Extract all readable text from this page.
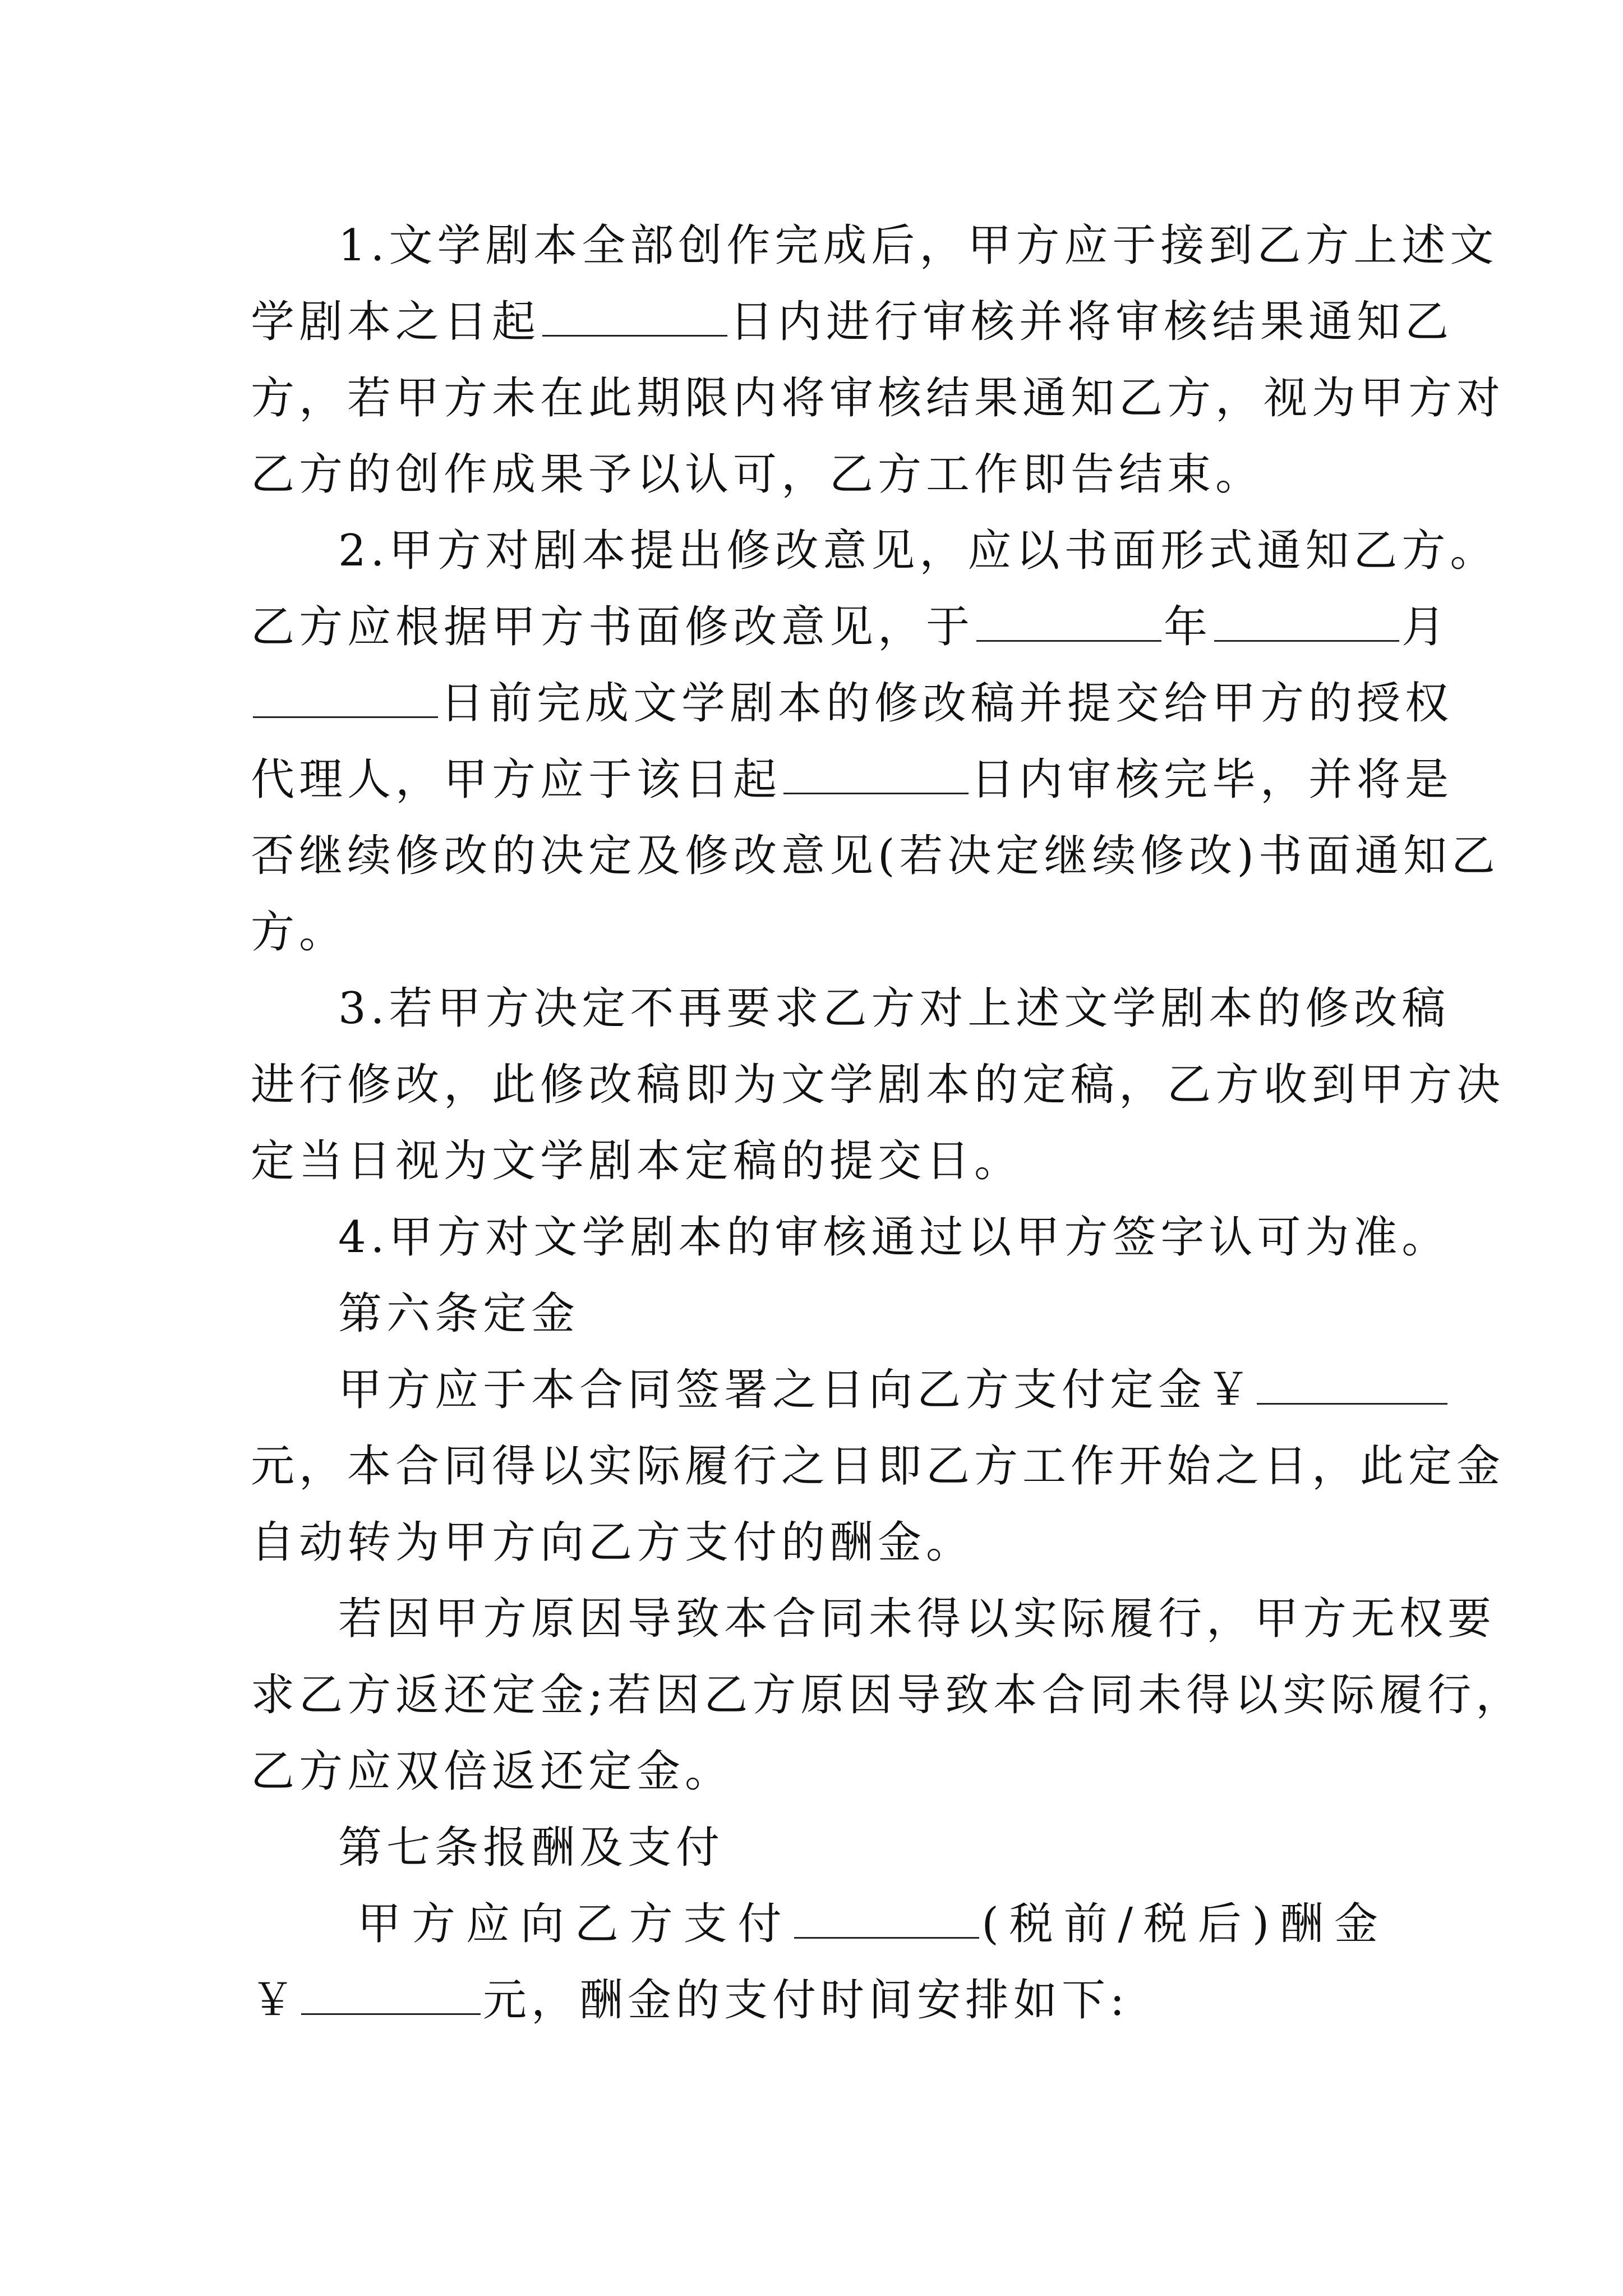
1.文学剧本全部创作完成后，甲方应于接到乙方上述文
学剧本之日起	日内进行审核并将审核结果通知乙
方，若甲方未在此期限内将审核结果通知乙方，视为甲方对
乙方的创作成果予以认可，乙方工作即告结束。
2.甲方对剧本提出修改意见，应以书面形式通知乙方。
乙方应根据甲方书面修改意见，于	年	月
日前完成文学剧本的修改稿并提交给甲方的授权
代理人，甲方应于该日起	日内审核完毕，并将是
否继续修改的决定及修改意见(若决定继续修改)书面通知乙
方。
3.若甲方决定不再要求乙方对上述文学剧本的修改稿
进行修改，此修改稿即为文学剧本的定稿，乙方收到甲方决
定当日视为文学剧本定稿的提交日。
4.甲方对文学剧本的审核通过以甲方签字认可为准。
第六条定金
甲方应于本合同签署之日向乙方支付定金￥
元，本合同得以实际履行之日即乙方工作开始之日，此定金
自动转为甲方向乙方支付的酬金。
若因甲方原因导致本合同未得以实际履行，甲方无权要
求乙方返还定金;若因乙方原因导致本合同未得以实际履行，
乙方应双倍返还定金。
第七条报酬及支付
甲方应向乙方支付	(税前/税后)酬金
￥	元，酬金的支付时间安排如下:
